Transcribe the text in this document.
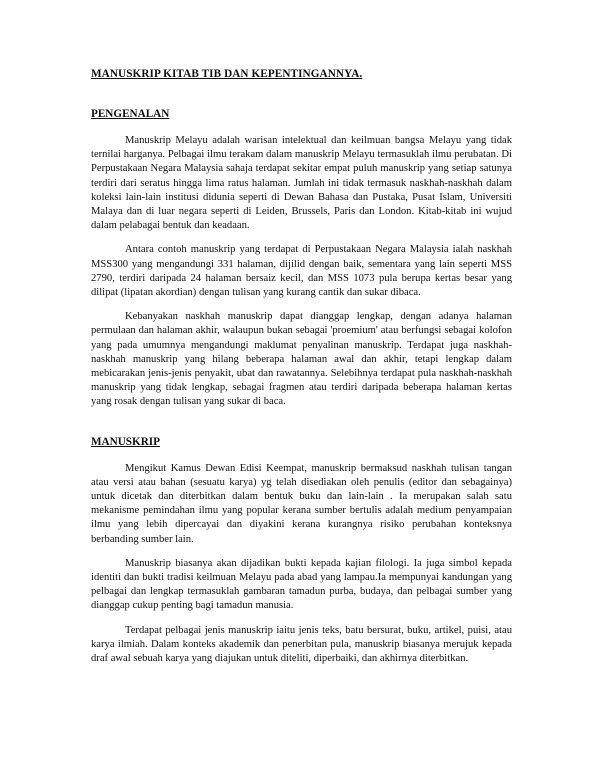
MANUSKRIP KITAB TIB DAN KEPENTINGANNYA.
PENGENALAN

Manuskrip Melayu adalah warisan intelektual dan keilmuan bangsa Melayu yang tidak ternilai harganya. Pelbagai ilmu terakam dalam manuskrip Melayu termasuklah ilmu perubatan. Di Perpustakaan Negara Malaysia sahaja terdapat sekitar empat puluh manuskrip yang setiap satunya terdiri dari seratus hingga lima ratus halaman. Jumlah ini tidak termasuk naskhah-naskhah dalam koleksi lain-lain institusi didunia seperti di Dewan Bahasa dan Pustaka, Pusat Islam, Universiti Malaya dan di luar negara seperti di Leiden, Brussels, Paris dan London. Kitab-kitab ini wujud dalam pelabagai bentuk dan keadaan.

Antara contoh manuskrip yang terdapat di Perpustakaan Negara Malaysia ialah naskhah MSS300 yang mengandungi 331 halaman, dijilid dengan baik, sementara yang lain seperti MSS 2790, terdiri daripada 24 halaman bersaiz kecil, dan MSS 1073 pula berupa kertas besar yang dilipat (lipatan akordian) dengan tulisan yang kurang cantik dan sukar dibaca.

Kebanyakan naskhah manuskrip dapat dianggap lengkap, dengan adanya halaman permulaan dan halaman akhir, walaupun bukan sebagai 'proemium' atau berfungsi sebagai kolofon yang pada umumnya mengandungi maklumat penyalinan manuskrip. Terdapat juga naskhah-naskhah manuskrip yang hilang beberapa halaman awal dan akhir, tetapi lengkap dalam mebicarakan jenis-jenis penyakit, ubat dan rawatannya. Selebihnya terdapat pula naskhah-naskhah manuskrip yang tidak lengkap, sebagai fragmen atau terdiri daripada beberapa halaman kertas yang rosak dengan tulisan yang sukar di baca.

MANUSKRIP

Mengikut Kamus Dewan Edisi Keempat, manuskrip bermaksud naskhah tulisan tangan atau versi atau bahan (sesuatu karya) yg telah disediakan oleh penulis (editor dan sebagainya) untuk dicetak dan diterbitkan dalam bentuk buku dan lain-lain . Ia merupakan salah satu mekanisme pemindahan ilmu yang popular kerana sumber bertulis adalah medium penyampaian ilmu yang lebih dipercayai dan diyakini kerana kurangnya risiko perubahan konteksnya berbanding sumber lain.

Manuskrip biasanya akan dijadikan bukti kepada kajian filologi. Ia juga simbol kepada identiti dan bukti tradisi keilmuan Melayu pada abad yang lampau.Ia mempunyai kandungan yang pelbagai dan lengkap termasuklah gambaran tamadun purba, budaya, dan pelbagai sumber yang dianggap cukup penting bagi tamadun manusia.

Terdapat pelbagai jenis manuskrip iaitu jenis teks, batu bersurat, buku, artikel, puisi, atau karya ilmiah. Dalam konteks akademik dan penerbitan pula, manuskrip biasanya merujuk kepada draf awal sebuah karya yang diajukan untuk diteliti, diperbaiki, dan akhirnya diterbitkan.
